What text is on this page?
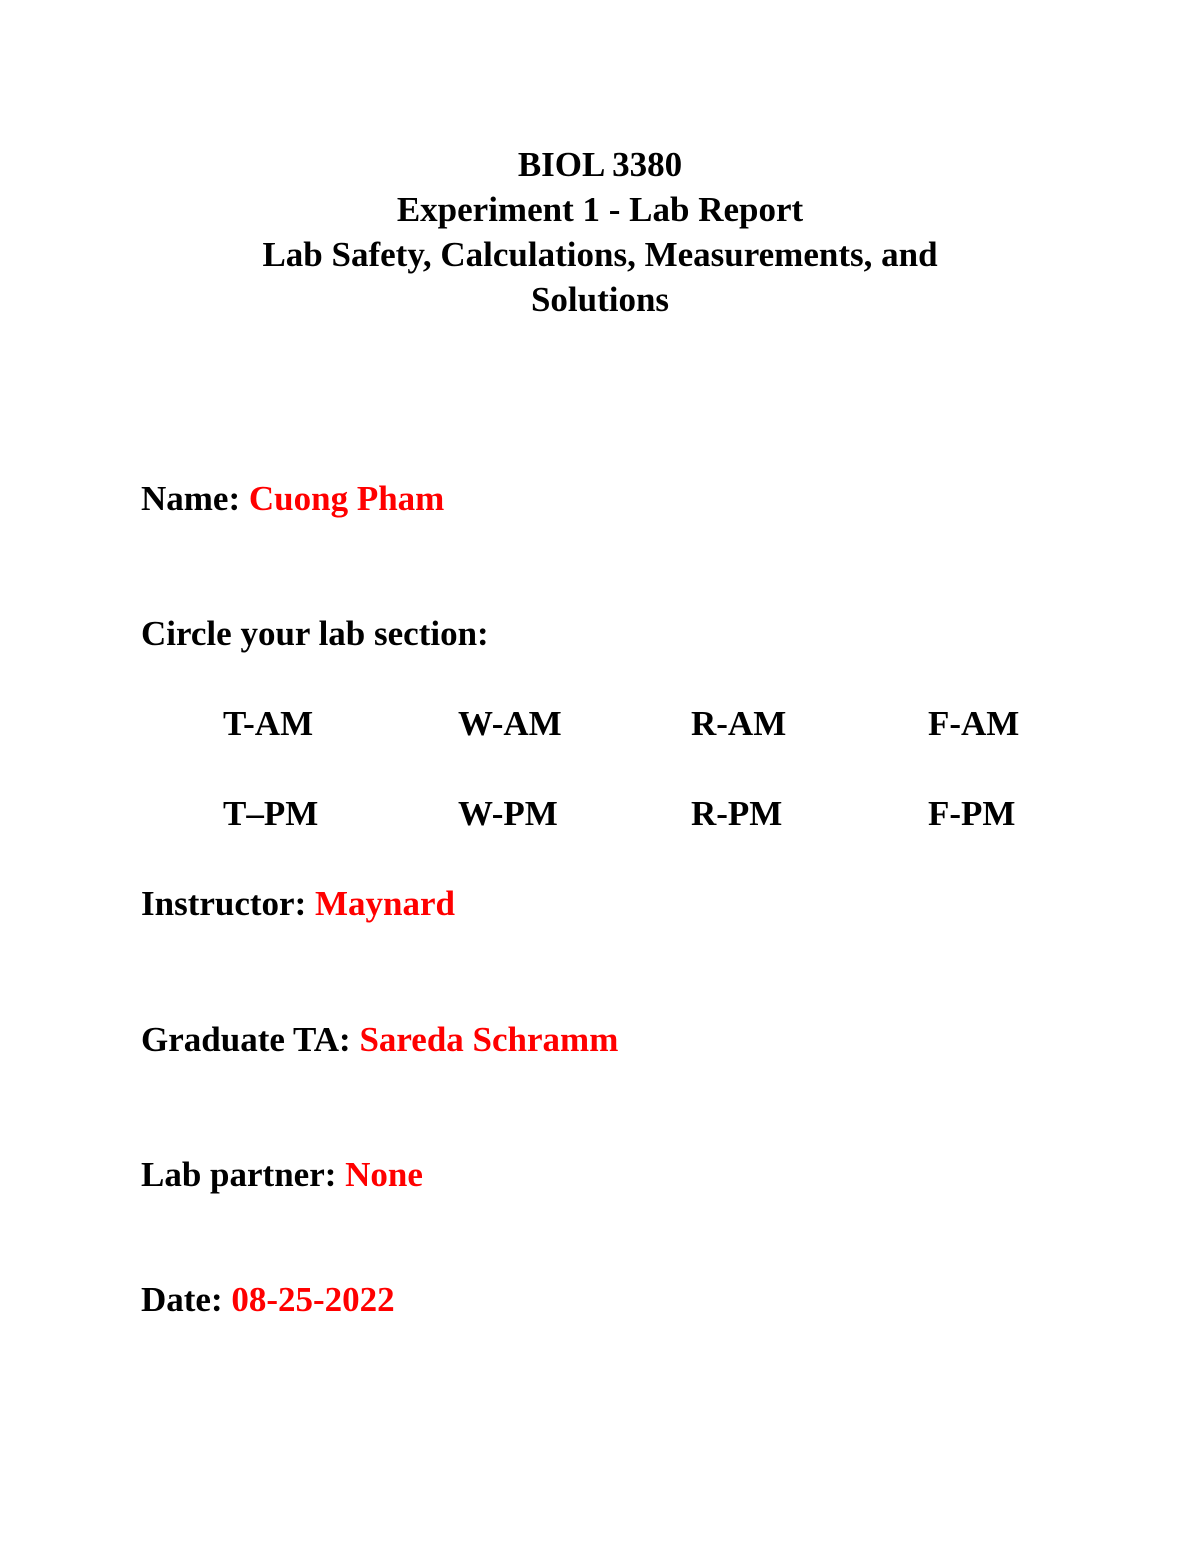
BIOL 3380
Experiment 1 - Lab Report
Lab Safety, Calculations, Measurements, and
Solutions
Name: Cuong Pham
Circle your lab section:
T-AM	W-AM	R-AM	F-AM
T–PM	W-PM	R-PM	F-PM
Instructor: Maynard
Graduate TA: Sareda Schramm
Lab partner: None
Date: 08-25-2022
